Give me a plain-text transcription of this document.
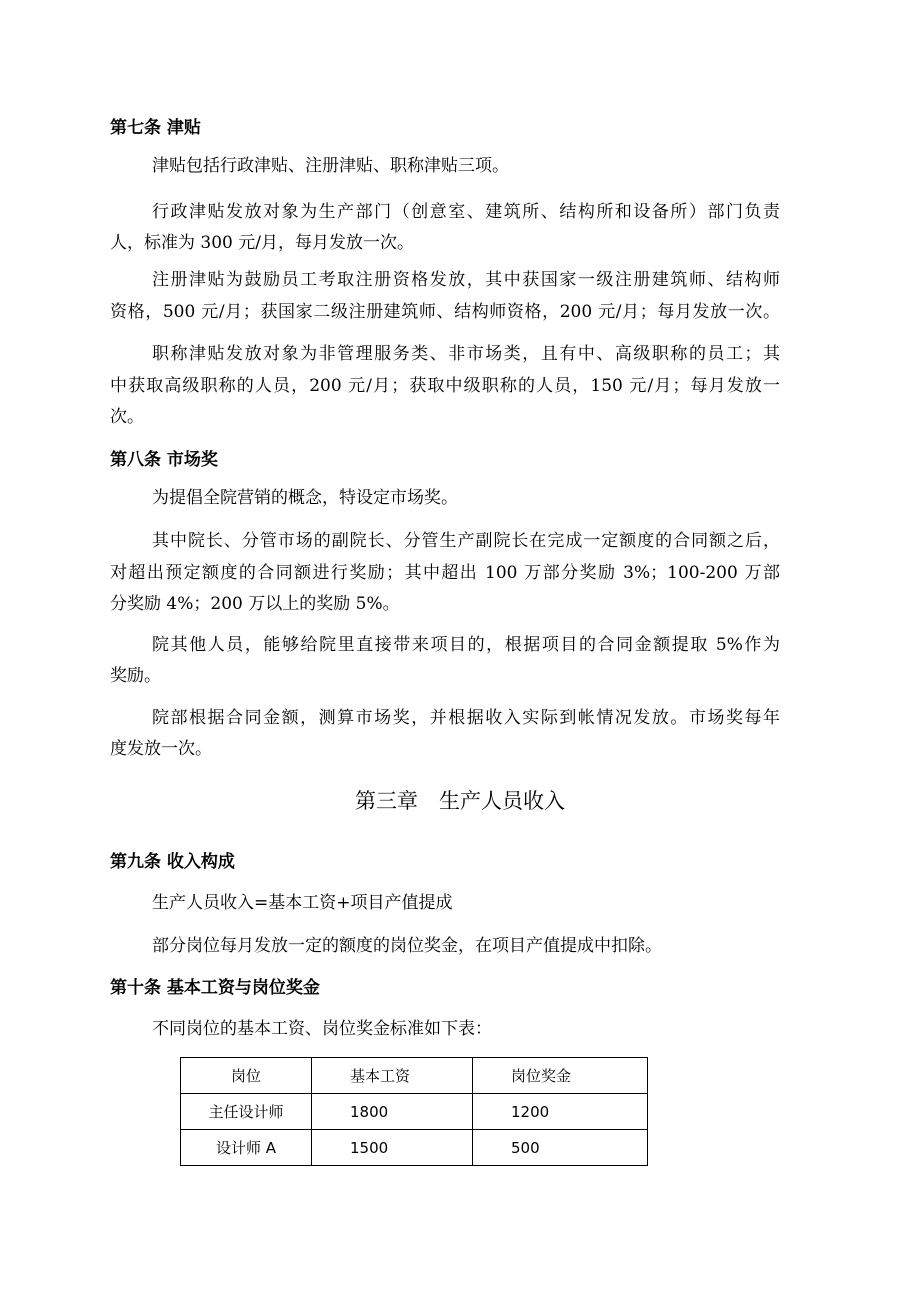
第七条 津贴
津贴包括行政津贴、注册津贴、职称津贴三项。
行政津贴发放对象为生产部门（创意室、建筑所、结构所和设备所）部门负责
人，标准为 300 元/月，每月发放一次。
注册津贴为鼓励员工考取注册资格发放，其中获国家一级注册建筑师、结构师
资格，500 元/月；获国家二级注册建筑师、结构师资格，200 元/月；每月发放一次。
职称津贴发放对象为非管理服务类、非市场类，且有中、高级职称的员工；其
中获取高级职称的人员，200 元/月；获取中级职称的人员，150 元/月；每月发放一
次。
第八条 市场奖
为提倡全院营销的概念，特设定市场奖。
其中院长、分管市场的副院长、分管生产副院长在完成一定额度的合同额之后，
对超出预定额度的合同额进行奖励；其中超出 100 万部分奖励 3%；100-200 万部
分奖励 4%；200 万以上的奖励 5%。
院其他人员，能够给院里直接带来项目的，根据项目的合同金额提取 5%作为
奖励。
院部根据合同金额，测算市场奖，并根据收入实际到帐情况发放。市场奖每年
度发放一次。
第三章　生产人员收入
第九条 收入构成
生产人员收入=基本工资+项目产值提成
部分岗位每月发放一定的额度的岗位奖金，在项目产值提成中扣除。
第十条 基本工资与岗位奖金
不同岗位的基本工资、岗位奖金标准如下表：
岗位	基本工资	岗位奖金
主任设计师	1800	1200
设计师 A	1500	500
